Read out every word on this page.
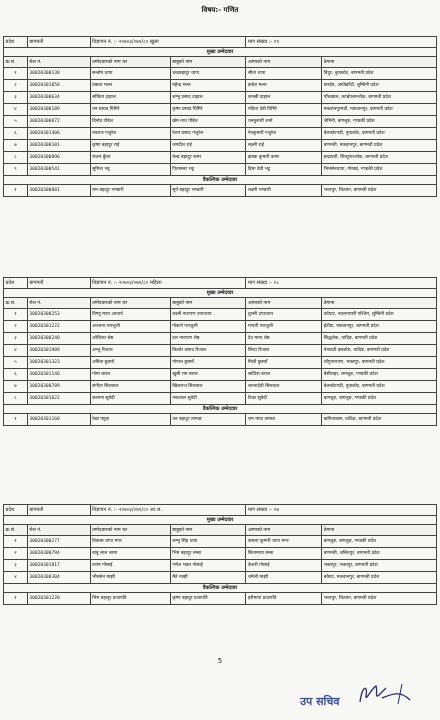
विषय:- गणित
प्रदेश	बागमती	विज्ञापन नं. :- २०७०३/०७९/८० खुला		माग संख्या :- ०९	
मुख्य उम्मेदवार					
क्र.सं.	रोल नं.	उम्मेदवारको नाम थर	बाबुको नाम	आमाको नाम	ठेगाना
१	30020300138	सन्तोष थापा	चन्द्रबहादुर थापा	सीता थापा	विदुर, नुवाकोट, बागमती प्रदेश
२	30020301856	प्रकाश मल्ल	महेन्द्र मल्ल	इन्द्रेश मल्ल	छत्रदेव, अर्घाखाँची, लुम्बिनी प्रदेश
३	30020300634	सोबिता दाहाल	शम्भु प्रसाद दाहाल	कान्छी दाहाल	पाँचखाल, काभ्रेपलान्चोक, बागमती प्रदेश
४	30020300189	धन प्रसाद घिमिरे	कृष्ण प्रसाद घिमिरे	पविता देवी घिमिरे	मकवानपुरगढी, मकवानपुर, बागमती प्रदेश
५	30020300872	विनोद पौडेल	खेम नाथ पौडेल	धनकुमारी शर्मा	जैमिनी, बागलुङ, गण्डकी प्रदेश
६	30020301406	नवराज गजुरेल	रेशम प्रसाद गजुरेल	नेत्रकुमारी गजुरेल	बेलकोटगढी, नुवाकोट, बागमती प्रदेश
७	30020300101	कृष्ण बहादुर राई	जगदीश राई	लक्ष्मी राई	बागमती, मकवानपुर, बागमती प्रदेश
८	30020300896	राजन कुँवर	केन्द्र बहादुर कमर	झक्क कुमारी कमर	इन्द्रावती, सिन्धुपाल्चोक, बागमती प्रदेश
९	30020300541	सुमित्रा भट्ट	पितामबर भट्ट	हिमा देवी भट्ट	भिमसेनथापा, गोरखा, गण्डकी प्रदेश
वैकल्पिक उम्मेदवार					
१	30020300881	राम बहादुर भण्डारी	सूर्य बहादुर भण्डारी	लक्ष्मी भण्डारी	भरतपुर, चितवन, बागमती प्रदेश
प्रदेश	बागमती	विज्ञापन नं. :- २०७०३/०७९/८० महिला		माग संख्या :- ०८	
मुख्य उम्मेदवार					
क्र.सं.	रोल नं.	उम्मेदवारको नाम थर	बाबुको नाम	आमाको नाम	ठेगाना
१	30020300252	विष्णु माया आचार्य	लक्ष्मी नारायण उपाध्याय	तुल्सी उपाध्याय	वर्दघाट, नवलपरासी पश्चिम, लुम्बिनी प्रदेश
२	30020301222	अञ्जना पराजुली	गोकर्ण पराजुली	गायत्री पराजुली	हेटौंडा, मकवानपुर, बागमती प्रदेश
३	30020300240	ओशिका श्रेष्ठ	दल नारायण श्रेष्ठ	देउ माया श्रेष्ठ	सिद्धलेक, धादिङ, बागमती प्रदेश
४	30020301909	अन्जु रिजाल	किशोर प्रसाद रिजाल	बिन्दा रिजाल	नेत्रावती डबजोङ, धादिङ, बागमती प्रदेश
५	30020301323	अनिता छुक्याँ	गोपाल छुक्याँ	मिश्री छुक्याँ	चाँगुनारायण, भक्तपुर, बागमती प्रदेश
६	30020301146	गोमा बराल	खुसी राम बराल	सावित्रा बराल	बेसीशहर, लमजुङ, गण्डकी प्रदेश
७	30020300789	संगीता सिलवाल	खिलराज सिलवाल	शान्तादेवी सिलवाल	बेलकोटगढी, नुवाकोट, बागमती प्रदेश
८	30020301622	कल्पना सुवेदी	नन्दलाल सुवेदी	टिका सुवेदी	बागलुङ, बागलुङ, गण्डकी प्रदेश
वैकल्पिक उम्मेदवार					
१	30020301160	रेखा फ्युवा	धन बहादुर तामाङ	राम माया तामाङ	खनियाबास, धादिङ, बागमती प्रदेश
प्रदेश	बागमती	विज्ञापन नं. :- २०७०३/०७९/८० आ.ज.		माग संख्या :- ०४	
मुख्य उम्मेदवार					
क्र.सं.	रोल नं.	उम्मेदवारको नाम थर	बाबुको नाम	आमाको नाम	ठेगाना
१	30020300277	विकास थापा मगर	शम्भु सिंह थापा	कमला कुमारी थापा मगर	बागलुङ, बागलुङ, गण्डकी प्रदेश
२	30020300794	बाबु लाल लामा	भिम बहादुर रुम्बा	सितामाया रुम्बा	बागमती, ललितपुर, बागमती प्रदेश
३	30020301817	श्याम गोसाई	गणेश भक्त गोसाई	केशरी गोसाई	भक्तपुर, भक्तपुर, बागमती प्रदेश
४	30020300304	भीमसेन माझी	मैते माझी	चमेली माझी	बकैया, मकवानपुर, बागमती प्रदेश
वैकल्पिक उम्मेदवार					
१	30020301220	भिम बहादुर प्रजापति	कृष्ण बहादुर प्रजापति	हरीमाया प्रजापति	भरतपुर, चितवन, बागमती प्रदेश
5
उप सचिव
